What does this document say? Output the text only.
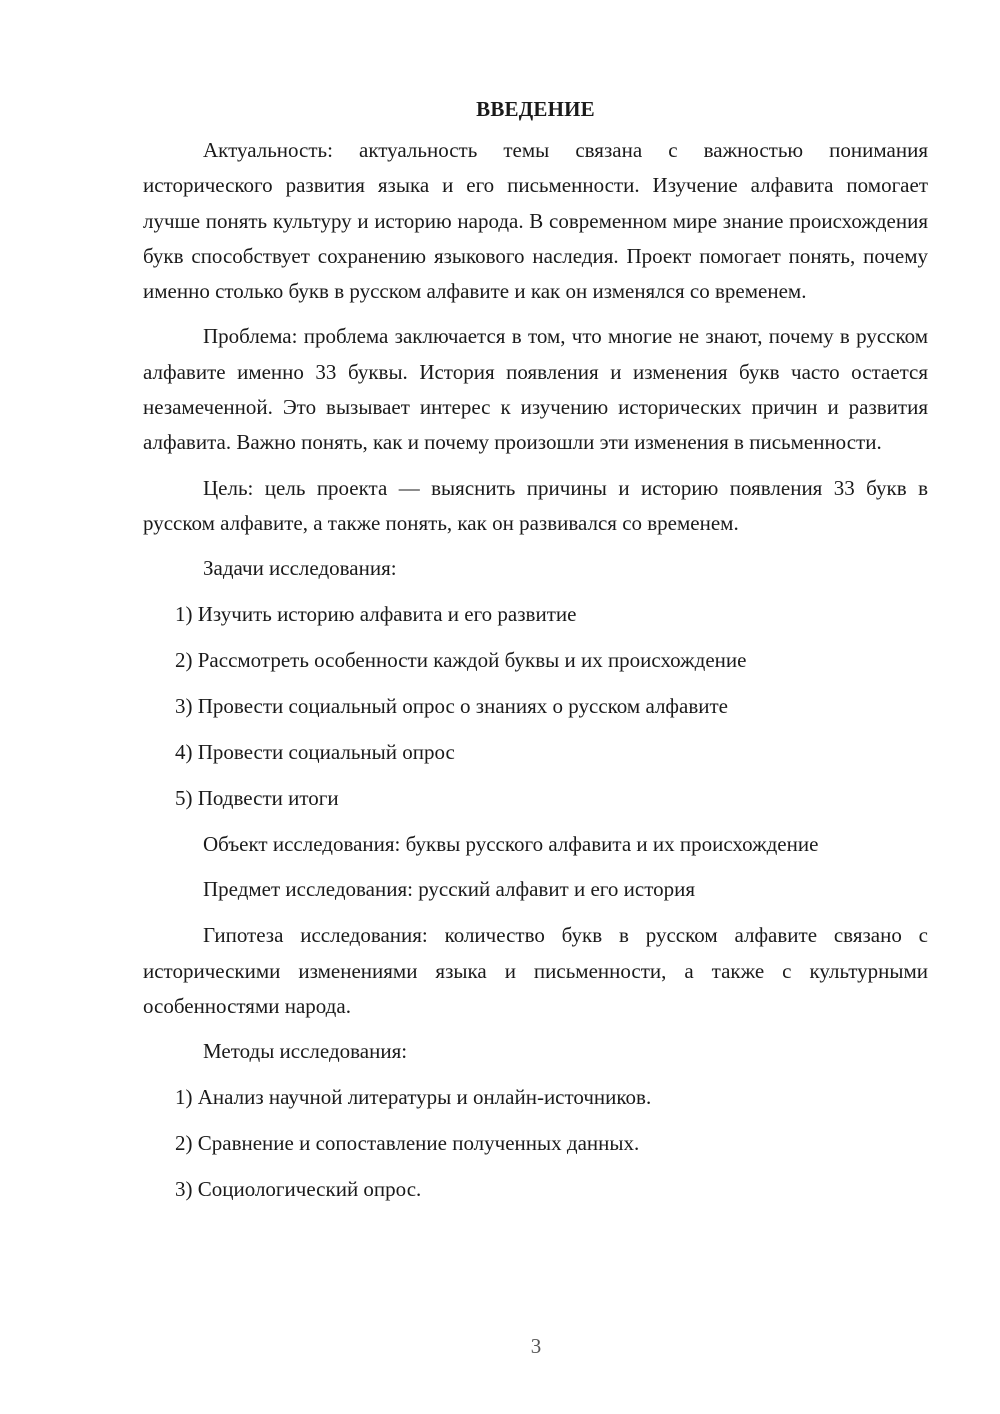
ВВЕДЕНИЕ

Актуальность: актуальность темы связана с важностью понимания исторического развития языка и его письменности. Изучение алфавита помогает лучше понять культуру и историю народа. В современном мире знание происхождения букв способствует сохранению языкового наследия. Проект помогает понять, почему именно столько букв в русском алфавите и как он изменялся со временем.

Проблема: проблема заключается в том, что многие не знают, почему в русском алфавите именно 33 буквы. История появления и изменения букв часто остается незамеченной. Это вызывает интерес к изучению исторических причин и развития алфавита. Важно понять, как и почему произошли эти изменения в письменности.

Цель: цель проекта — выяснить причины и историю появления 33 букв в русском алфавите, а также понять, как он развивался со временем.

Задачи исследования:

1) Изучить историю алфавита и его развитие
2) Рассмотреть особенности каждой буквы и их происхождение
3) Провести социальный опрос о знаниях о русском алфавите
4) Провести социальный опрос
5) Подвести итоги

Объект исследования: буквы русского алфавита и их происхождение

Предмет исследования: русский алфавит и его история

Гипотеза исследования: количество букв в русском алфавите связано с историческими изменениями языка и письменности, а также с культурными особенностями народа.

Методы исследования:

1) Анализ научной литературы и онлайн-источников.
2) Сравнение и сопоставление полученных данных.
3) Социологический опрос.
3
